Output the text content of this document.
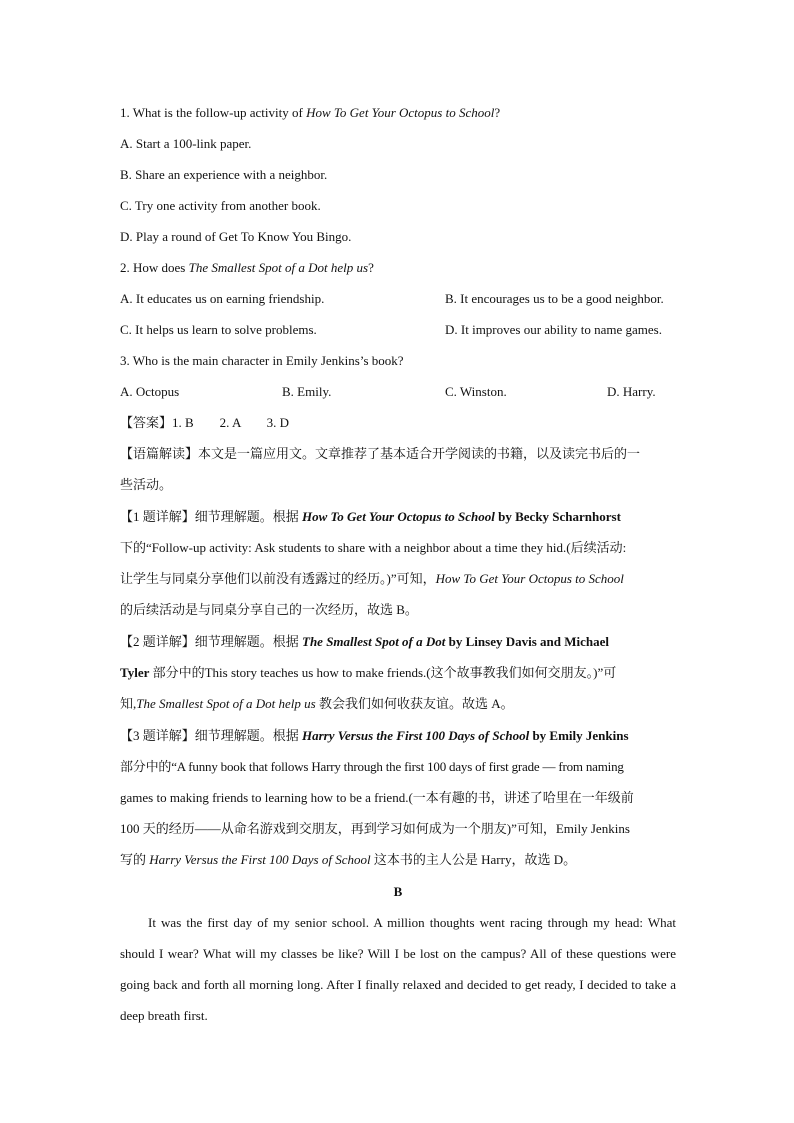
1. What is the follow-up activity of How To Get Your Octopus to School?
A. Start a 100-link paper.
B. Share an experience with a neighbor.
C. Try one activity from another book.
D. Play a round of Get To Know You Bingo.
2. How does The Smallest Spot of a Dot help us?
A. It educates us on earning friendship.	B. It encourages us to be a good neighbor.
C. It helps us learn to solve problems.	D. It improves our ability to name games.
3. Who is the main character in Emily Jenkins’s book?
A. Octopus	B. Emily.	C. Winston.	D. Harry.
【答案】1. B        2. A        3. D
【语篇解读】本文是一篇应用文。文章推荐了基本适合开学阅读的书籍，以及读完书后的一
些活动。
【1 题详解】细节理解题。根据 How To Get Your Octopus to School by Becky Scharnhorst
下的“Follow-up activity: Ask students to share with a neighbor about a time they hid.(后续活动:
让学生与同桌分享他们以前没有透露过的经历。)”可知，How To Get Your Octopus to School
的后续活动是与同桌分享自己的一次经历，故选 B。
【2 题详解】细节理解题。根据 The Smallest Spot of a Dot by Linsey Davis and Michael
Tyler 部分中的This story teaches us how to make friends.(这个故事教我们如何交朋友。)”可
知,The Smallest Spot of a Dot help us 教会我们如何收获友谊。故选 A。
【3 题详解】细节理解题。根据 Harry Versus the First 100 Days of School by Emily Jenkins
部分中的“A funny book that follows Harry through the first 100 days of first grade — from naming
games to making friends to learning how to be a friend.(一本有趣的书，讲述了哈里在一年级前
100 天的经历——从命名游戏到交朋友，再到学习如何成为一个朋友)”可知，Emily Jenkins
写的 Harry Versus the First 100 Days of School 这本书的主人公是 Harry，故选 D。
B
It was the first day of my senior school. A million thoughts went racing through my head: What should I wear? What will my classes be like? Will I be lost on the campus? All of these questions were going back and forth all morning long. After I finally relaxed and decided to get ready, I decided to take a deep breath first.
